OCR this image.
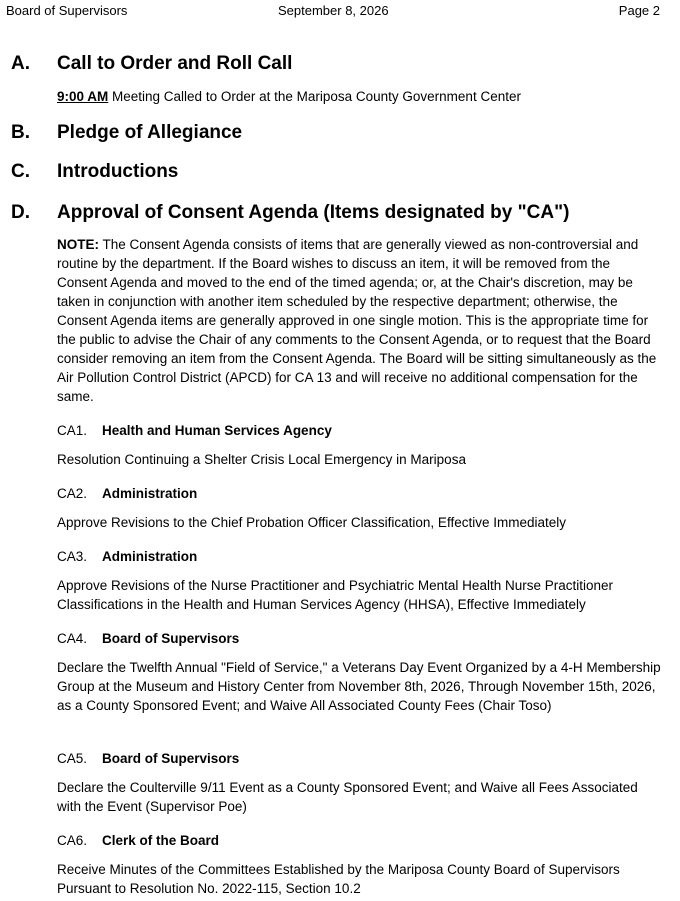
Board of Supervisors	September 8, 2026	Page 2
A. Call to Order and Roll Call
9:00 AM Meeting Called to Order at the Mariposa County Government Center
B. Pledge of Allegiance
C. Introductions
D. Approval of Consent Agenda (Items designated by "CA")
NOTE: The Consent Agenda consists of items that are generally viewed as non-controversial and routine by the department. If the Board wishes to discuss an item, it will be removed from the Consent Agenda and moved to the end of the timed agenda; or, at the Chair's discretion, may be taken in conjunction with another item scheduled by the respective department; otherwise, the Consent Agenda items are generally approved in one single motion. This is the appropriate time for the public to advise the Chair of any comments to the Consent Agenda, or to request that the Board consider removing an item from the Consent Agenda. The Board will be sitting simultaneously as the Air Pollution Control District (APCD) for CA 13 and will receive no additional compensation for the same.
CA1. Health and Human Services Agency
Resolution Continuing a Shelter Crisis Local Emergency in Mariposa
CA2. Administration
Approve Revisions to the Chief Probation Officer Classification, Effective Immediately
CA3. Administration
Approve Revisions of the Nurse Practitioner and Psychiatric Mental Health Nurse Practitioner Classifications in the Health and Human Services Agency (HHSA), Effective Immediately
CA4. Board of Supervisors
Declare the Twelfth Annual "Field of Service," a Veterans Day Event Organized by a 4-H Membership Group at the Museum and History Center from November 8th, 2026, Through November 15th, 2026, as a County Sponsored Event; and Waive All Associated County Fees (Chair Toso)
CA5. Board of Supervisors
Declare the Coulterville 9/11 Event as a County Sponsored Event; and Waive all Fees Associated with the Event (Supervisor Poe)
CA6. Clerk of the Board
Receive Minutes of the Committees Established by the Mariposa County Board of Supervisors Pursuant to Resolution No. 2022-115, Section 10.2
